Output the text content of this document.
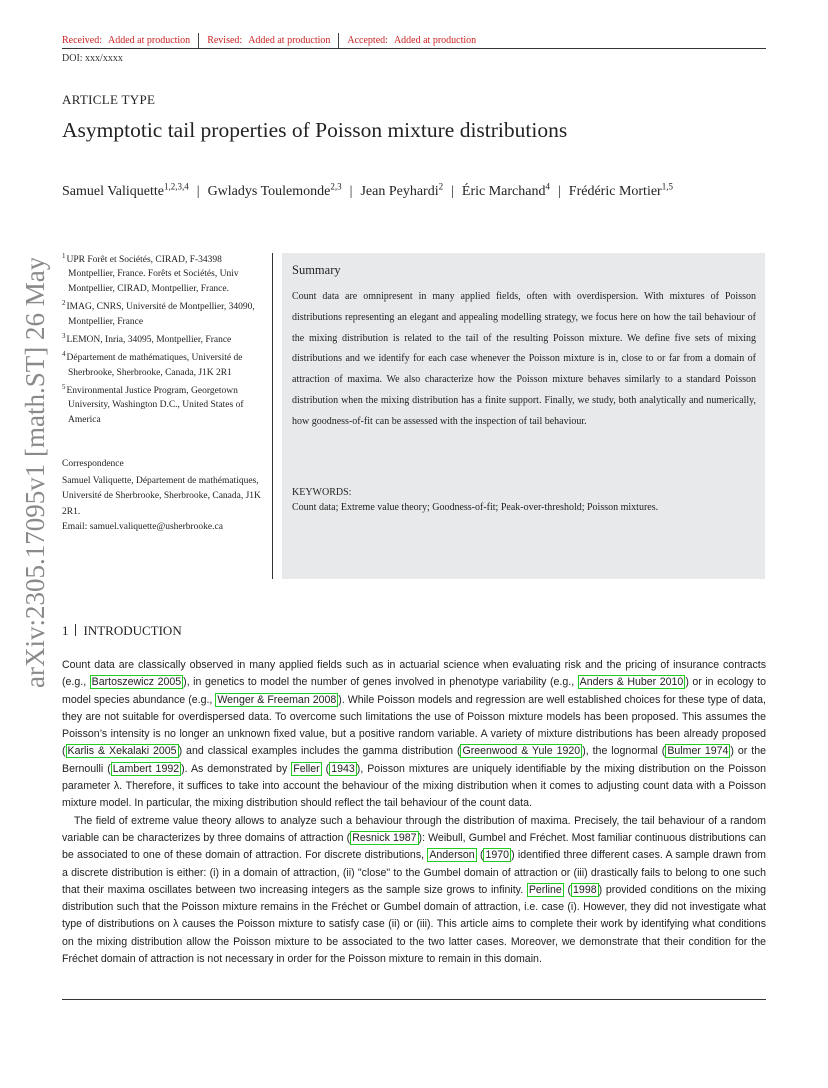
Received: Added at production Revised: Added at production Accepted: Added at production
DOI: xxx/xxxx
ARTICLE TYPE
Asymptotic tail properties of Poisson mixture distributions
Samuel Valiquette$^{1,2,3,4}$ | Gwladys Toulemonde$^{2,3}$ | Jean Peyhardi$^2$ | Éric Marchand$^4$ | Frédéric Mortier$^{1,5}$
arXiv:2305.17095v1 [math.ST] 26 May 2023 $^1$UPR Forêt et Sociétés, CIRAD, F-34398 Montpellier, France. Forêts et Sociétés, Univ Montpellier, CIRAD, Montpellier, France.
$^2$IMAG, CNRS, Université de Montpellier, 34090, Montpellier, France
$^3$LEMON, Inria, 34095, Montpellier, France
$^4$Département de mathématiques, Université de Sherbrooke, Sherbrooke, Canada, J1K 2R1
$^5$Environmental Justice Program, Georgetown University, Washington D.C., United States of America
Correspondence
Samuel Valiquette, Département de mathématiques, Université de Sherbrooke, Sherbrooke, Canada, J1K 2R1.
Email: samuel.valiquette@usherbrooke.ca
Summary
Count data are omnipresent in many applied fields, often with overdispersion. With mixtures of Poisson distributions representing an elegant and appealing modelling strategy, we focus here on how the tail behaviour of the mixing distribution is related to the tail of the resulting Poisson mixture. We define five sets of mixing distributions and we identify for each case whenever the Poisson mixture is in, close to or far from a domain of attraction of maxima. We also characterize how the Poisson mixture behaves similarly to a standard Poisson distribution when the mixing distribution has a finite support. Finally, we study, both analytically and numerically, how goodness-of-fit can be assessed with the inspection of tail behaviour.
KEYWORDS:
Count data; Extreme value theory; Goodness-of-fit; Peak-over-threshold; Poisson mixtures.
1 INTRODUCTION

Count data are classically observed in many applied fields such as in actuarial science when evaluating risk and the pricing of insurance contracts (e.g., Bartoszewicz 2005 ), in genetics to model the number of genes involved in phenotype variability (e.g., Anders & Huber 2010 ) or in ecology to model species abundance (e.g., Wenger & Freeman 2008 ). While Poisson models and regression are well established choices for these type of data, they are not suitable for overdispersed data. To overcome such limitations the use of Poisson mixture models has been proposed. This assumes the Poisson’s intensity is no longer an unknown fixed value, but a positive random variable. A variety of mixture distributions has been already proposed ( Karlis & Xekalaki 2005 ) and classical examples includes the gamma distribution ( Greenwood & Yule 1920 ), the lognormal ( Bulmer 1974 ) or the Bernoulli ( Lambert 1992 ). As demonstrated by Feller ( 1943 ), Poisson mixtures are uniquely identifiable by the mixing distribution on the Poisson parameter λ. Therefore, it suffices to take into account the behaviour of the mixing distribution when it comes to adjusting count data with a Poisson mixture model. In particular, the mixing distribution should reflect the tail behaviour of the count data.

The field of extreme value theory allows to analyze such a behaviour through the distribution of maxima. Precisely, the tail behaviour of a random variable can be characterizes by three domains of attraction ( Resnick 1987 ): Weibull, Gumbel and Fréchet. Most familiar continuous distributions can be associated to one of these domain of attraction. For discrete distributions, Anderson ( 1970 ) identified three different cases. A sample drawn from a discrete distribution is either: (i) in a domain of attraction, (ii) "close" to the Gumbel domain of attraction or (iii) drastically fails to belong to one such that their maxima oscillates between two increasing integers as the sample size grows to infinity. Perline ( 1998 ) provided conditions on the mixing distribution such that the Poisson mixture remains in the Fréchet or Gumbel domain of attraction, i.e. case (i). However, they did not investigate what type of distributions on λ causes the Poisson mixture to satisfy case (ii) or (iii). This article aims to complete their work by identifying what conditions on the mixing distribution allow the Poisson mixture to be associated to the two latter cases. Moreover, we demonstrate that their condition for the Fréchet domain of attraction is not necessary in order for the Poisson mixture to remain in this domain.
